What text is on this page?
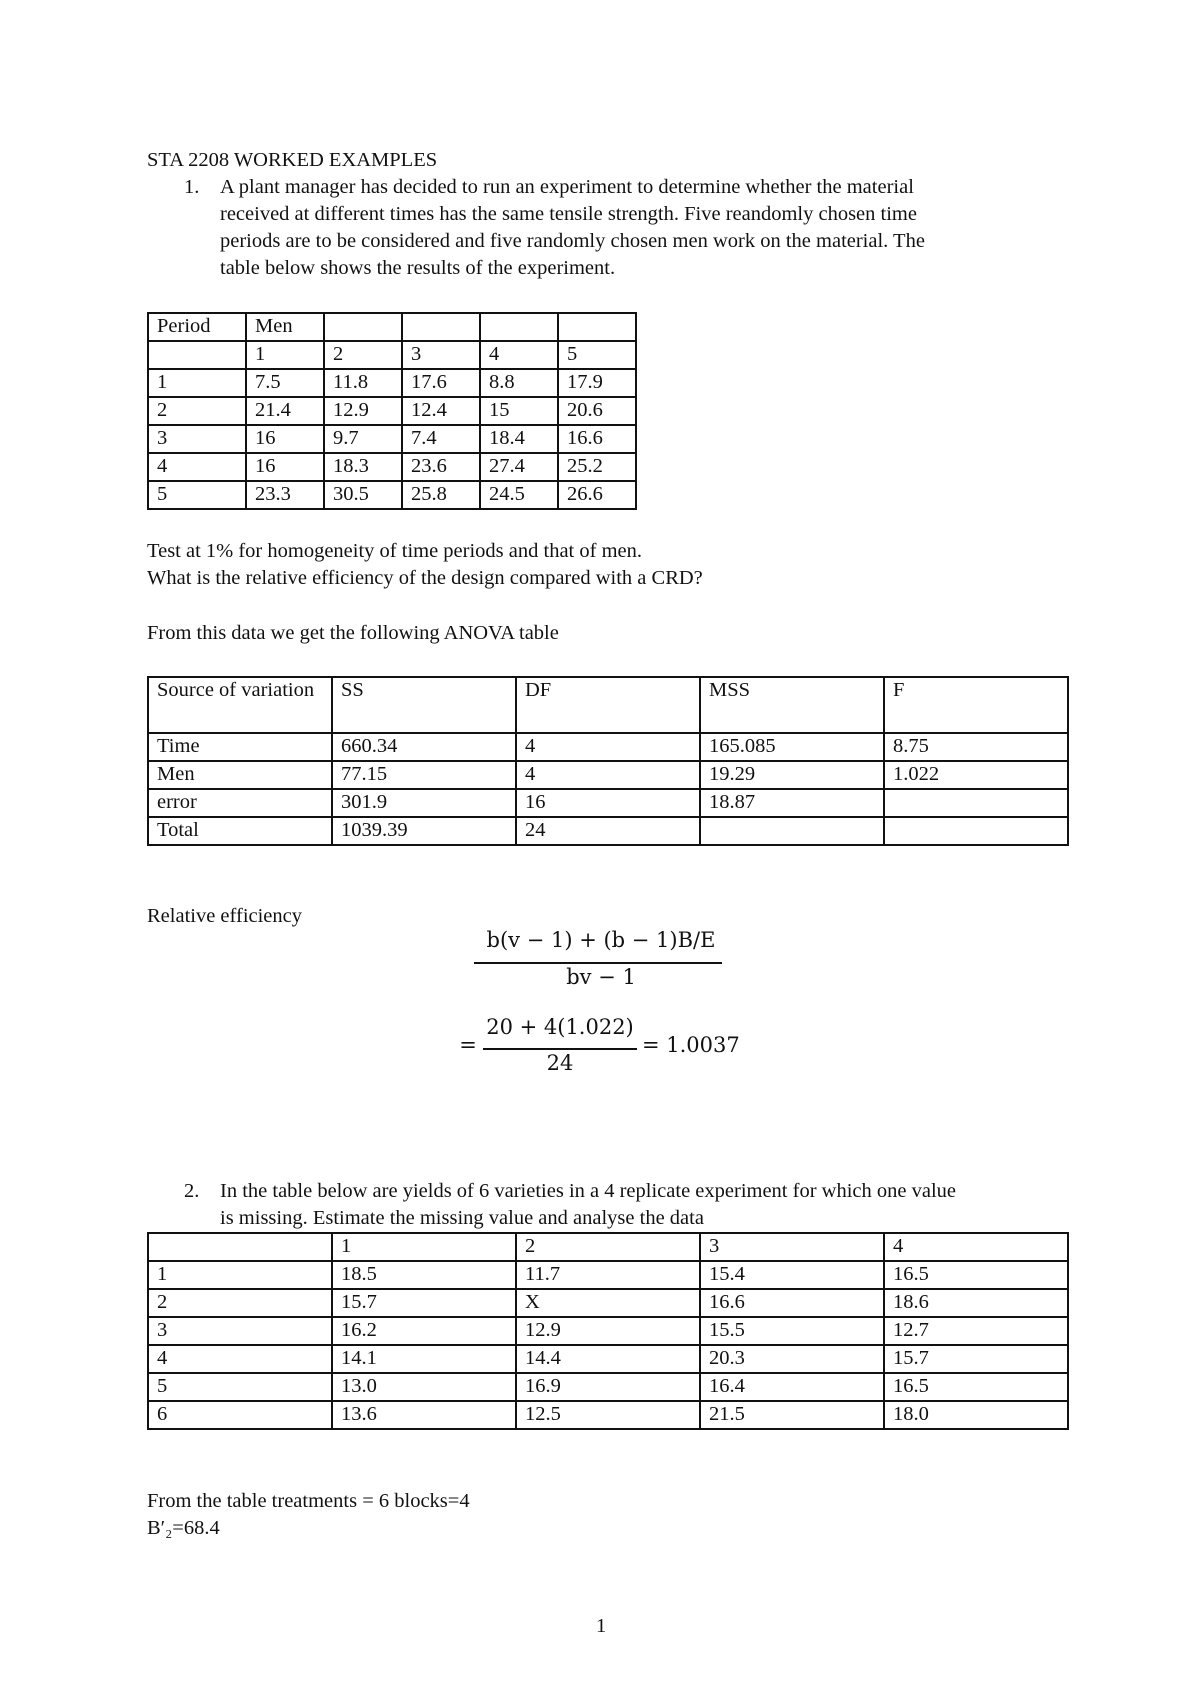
STA 2208 WORKED EXAMPLES
1. A plant manager has decided to run an experiment to determine whether the material
received at different times has the same tensile strength. Five reandomly chosen time
periods are to be considered and five randomly chosen men work on the material. The
table below shows the results of the experiment.
Period	Men				
	1	2	3	4	5
1	7.5	11.8	17.6	8.8	17.9
2	21.4	12.9	12.4	15	20.6
3	16	9.7	7.4	18.4	16.6
4	16	18.3	23.6	27.4	25.2
5	23.3	30.5	25.8	24.5	26.6
Test at 1% for homogeneity of time periods and that of men.
What is the relative efficiency of the design compared with a CRD?
From this data we get the following ANOVA table
Source of variation	SS	DF	MSS	F
Time	660.34	4	165.085	8.75
Men	77.15	4	19.29	1.022
error	301.9	16	18.87	
Total	1039.39	24		
Relative efficiency
b(v − 1) + (b − 1)B/E
bv − 1
=
20 + 4(1.022)
24
= 1.0037
2. In the table below are yields of 6 varieties in a 4 replicate experiment for which one value
is missing. Estimate the missing value and analyse the data
	1	2	3	4
1	18.5	11.7	15.4	16.5
2	15.7	X	16.6	18.6
3	16.2	12.9	15.5	12.7
4	14.1	14.4	20.3	15.7
5	13.0	16.9	16.4	16.5
6	13.6	12.5	21.5	18.0
From the table treatments = 6 blocks=4
B′₂=68.4
1
